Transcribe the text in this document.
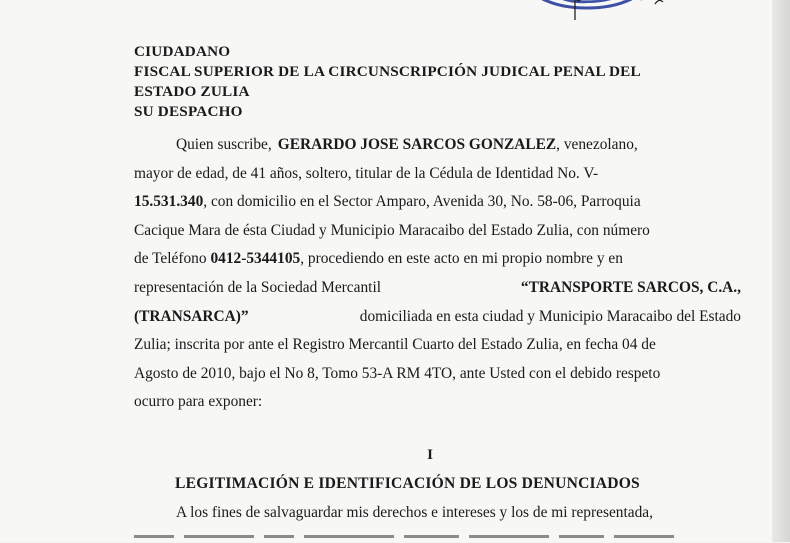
CIUDADANO
FISCAL SUPERIOR DE LA CIRCUNSCRIPCIÓN JUDICAL PENAL DEL
ESTADO ZULIA
SU DESPACHO
Quien suscribe, GERARDO JOSE SARCOS GONZALEZ, venezolano,
mayor de edad, de 41 años, soltero, titular de la Cédula de Identidad No. V-
15.531.340, con domicilio en el Sector Amparo, Avenida 30, No. 58-06, Parroquia
Cacique Mara de ésta Ciudad y Municipio Maracaibo del Estado Zulia, con número
de Teléfono 0412-5344105, procediendo en este acto en mi propio nombre y en
representación de la Sociedad Mercantil	“TRANSPORTE SARCOS, C.A.,
(TRANSARCA)”	domiciliada en esta ciudad y Municipio Maracaibo del Estado
Zulia; inscrita por ante el Registro Mercantil Cuarto del Estado Zulia, en fecha 04 de
Agosto de 2010, bajo el No 8, Tomo 53-A RM 4TO, ante Usted con el debido respeto
ocurro para exponer:
I
LEGITIMACIÓN E IDENTIFICACIÓN DE LOS DENUNCIADOS
A los fines de salvaguardar mis derechos e intereses y los de mi representada,
